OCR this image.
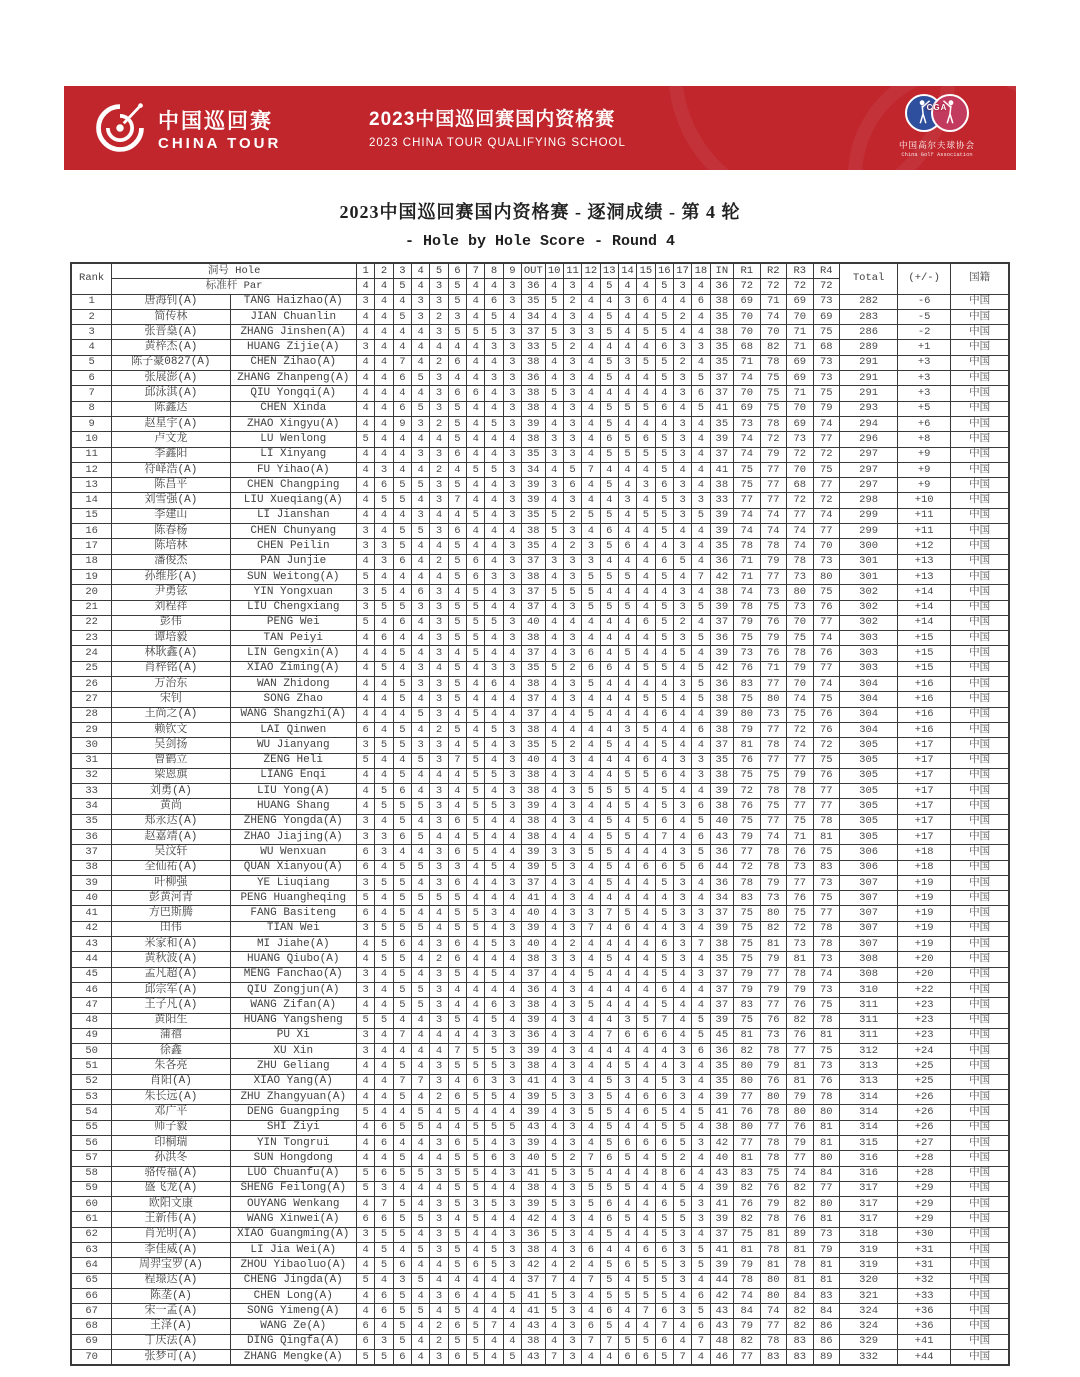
中国巡回赛
CHINA TOUR
2023中国巡回赛国内资格赛
2023 CHINA TOUR QUALIFYING SCHOOL
CGA
中国高尔夫球协会
China Golf Association
2023中国巡回赛国内资格赛 - 逐洞成绩 - 第 4 轮
- Hole by Hole Score - Round 4
Rank	洞号 Hole		1	2	3	4	5	6	7	8	9	OUT	10	11	12	13	14	15	16	17	18	IN	R1	R2	R3	R4	Total	(+/-)	国籍
	标准杆 Par		4	4	5	4	3	5	4	4	3	36	4	3	4	5	4	4	5	3	4	36	72	72	72	72			
1	唐海钊(A)	TANG Haizhao(A)	3	4	4	3	3	5	4	6	3	35	5	2	4	4	3	6	4	4	6	38	69	71	69	73	282	-6	中国
2	简传林	JIAN Chuanlin	4	4	5	3	2	3	4	5	4	34	4	3	4	5	4	4	5	2	4	35	70	74	70	69	283	-5	中国
3	张晋燊(A)	ZHANG Jinshen(A)	4	4	4	4	3	5	5	5	3	37	5	3	3	5	4	5	5	4	4	38	70	70	71	75	286	-2	中国
4	黄梓杰(A)	HUANG Zijie(A)	3	4	4	4	4	4	4	3	3	33	5	2	4	4	4	4	6	3	3	35	68	82	71	68	289	+1	中国
5	陈子豪0827(A)	CHEN Zihao(A)	4	4	7	4	2	6	4	4	3	38	4	3	4	5	3	5	5	2	4	35	71	78	69	73	291	+3	中国
6	张展澎(A)	ZHANG Zhanpeng(A)	4	4	6	5	3	4	4	3	3	36	4	3	4	5	4	4	5	3	5	37	74	75	69	73	291	+3	中国
7	邱泳淇(A)	QIU Yongqi(A)	4	4	4	4	3	6	6	4	3	38	5	3	4	4	4	4	4	3	6	37	70	75	71	75	291	+3	中国
8	陈鑫达	CHEN Xinda	4	4	6	5	3	5	4	4	3	38	4	3	4	5	5	5	6	4	5	41	69	75	70	79	293	+5	中国
9	赵星宇(A)	ZHAO Xingyu(A)	4	4	9	3	2	5	4	5	3	39	4	3	4	5	4	4	4	3	4	35	73	78	69	74	294	+6	中国
10	卢文龙	LU Wenlong	5	4	4	4	4	5	4	4	4	38	3	3	4	6	5	6	5	3	4	39	74	72	73	77	296	+8	中国
11	李鑫阳	LI Xinyang	4	4	4	3	3	6	4	4	3	35	3	3	4	5	5	5	5	3	4	37	74	79	72	72	297	+9	中国
12	符峄浩(A)	FU Yihao(A)	4	3	4	4	2	4	5	5	3	34	4	5	7	4	4	4	5	4	4	41	75	77	70	75	297	+9	中国
13	陈昌平	CHEN Changping	4	6	5	5	3	5	4	4	3	39	3	6	4	5	4	3	6	3	4	38	75	77	68	77	297	+9	中国
14	刘雪强(A)	LIU Xueqiang(A)	4	5	5	4	3	7	4	4	3	39	4	3	4	4	3	4	5	3	3	33	77	77	72	72	298	+10	中国
15	李建山	LI Jianshan	4	4	4	3	4	4	5	4	3	35	5	2	5	5	4	5	5	3	5	39	74	74	77	74	299	+11	中国
16	陈春杨	CHEN Chunyang	3	4	5	5	3	6	4	4	4	38	5	3	4	6	4	4	5	4	4	39	74	74	74	77	299	+11	中国
17	陈培林	CHEN Peilin	3	3	5	4	4	5	4	4	3	35	4	2	3	5	6	4	4	3	4	35	78	78	74	70	300	+12	中国
18	潘俊杰	PAN Junjie	4	3	6	4	2	5	6	4	3	37	3	3	3	4	4	4	6	5	4	36	71	79	78	73	301	+13	中国
19	孙维彤(A)	SUN Weitong(A)	5	4	4	4	4	5	6	3	3	38	4	3	5	5	5	4	5	4	7	42	71	77	73	80	301	+13	中国
20	尹勇铉	YIN Yongxuan	3	5	4	6	3	4	5	4	3	37	5	5	5	4	4	4	4	3	4	38	74	73	80	75	302	+14	中国
21	刘程祥	LIU Chengxiang	3	5	5	3	3	5	5	4	4	37	4	3	5	5	5	4	5	3	5	39	78	75	73	76	302	+14	中国
22	彭伟	PENG Wei	5	4	6	4	3	5	5	5	3	40	4	4	4	4	4	6	5	2	4	37	79	76	70	77	302	+14	中国
23	谭培毅	TAN Peiyi	4	6	4	4	3	5	5	4	3	38	4	3	4	4	4	4	5	3	5	36	75	79	75	74	303	+15	中国
24	林耿鑫(A)	LIN Gengxin(A)	4	4	5	4	3	4	5	4	4	37	4	3	6	4	5	4	4	5	4	39	73	76	78	76	303	+15	中国
25	肖梓铭(A)	XIAO Ziming(A)	4	5	4	3	4	5	4	3	3	35	5	2	6	6	4	5	5	4	5	42	76	71	79	77	303	+15	中国
26	万治东	WAN Zhidong	4	4	5	3	3	5	4	6	4	38	4	3	5	4	4	4	4	3	5	36	83	77	70	74	304	+16	中国
27	宋钊	SONG Zhao	4	4	5	4	3	5	4	4	4	37	4	3	4	4	4	5	5	4	5	38	75	80	74	75	304	+16	中国
28	王尚之(A)	WANG Shangzhi(A)	4	4	4	5	3	4	5	4	4	37	4	4	5	4	4	4	6	4	4	39	80	73	75	76	304	+16	中国
29	赖钦文	LAI Qinwen	6	4	5	4	2	5	4	5	3	38	4	4	4	4	3	5	4	4	6	38	79	77	72	76	304	+16	中国
30	吴剑扬	WU Jianyang	3	5	5	3	3	4	5	4	3	35	5	2	4	5	4	4	5	4	4	37	81	78	74	72	305	+17	中国
31	曾鹤立	ZENG Heli	5	4	4	5	3	7	5	4	3	40	4	3	4	4	4	6	4	3	3	35	76	77	77	75	305	+17	中国
32	梁恩旗	LIANG Enqi	4	4	5	4	4	4	5	5	3	38	4	3	4	4	5	5	6	4	3	38	75	75	79	76	305	+17	中国
33	刘勇(A)	LIU Yong(A)	4	5	6	4	3	4	5	4	3	38	4	3	5	5	5	4	5	4	4	39	72	78	78	77	305	+17	中国
34	黄尚	HUANG Shang	4	5	5	5	3	4	5	5	3	39	4	3	4	4	5	4	5	3	6	38	76	75	77	77	305	+17	中国
35	郑永达(A)	ZHENG Yongda(A)	3	4	5	4	3	6	5	4	4	38	4	3	4	5	4	5	6	4	5	40	75	77	75	78	305	+17	中国
36	赵嘉靖(A)	ZHAO Jiajing(A)	3	3	6	5	4	4	5	4	4	38	4	4	4	5	5	4	7	4	6	43	79	74	71	81	305	+17	中国
37	吴汶轩	WU Wenxuan	6	3	4	4	3	6	5	4	4	39	3	3	5	5	4	4	4	3	5	36	77	78	76	75	306	+18	中国
38	全仙祐(A)	QUAN Xianyou(A)	6	4	5	5	3	3	4	5	4	39	5	3	4	5	4	6	6	5	6	44	72	78	73	83	306	+18	中国
39	叶柳强	YE Liuqiang	3	5	5	4	3	6	4	4	3	37	4	3	4	5	4	4	5	3	4	36	78	79	77	73	307	+19	中国
40	彭黄河青	PENG Huangheqing	5	4	5	5	5	5	4	4	4	41	4	3	4	4	4	4	4	3	4	34	83	73	76	75	307	+19	中国
41	方巴斯腾	FANG Basiteng	6	4	5	4	4	5	5	3	4	40	4	3	3	7	5	4	5	3	3	37	75	80	75	77	307	+19	中国
42	田伟	TIAN Wei	3	5	5	5	4	5	5	4	3	39	4	3	7	4	6	4	4	3	4	39	75	82	72	78	307	+19	中国
43	米家和(A)	MI Jiahe(A)	4	5	6	4	3	6	4	5	3	40	4	2	4	4	4	4	6	3	7	38	75	81	73	78	307	+19	中国
44	黄秋波(A)	HUANG Qiubo(A)	4	5	5	4	2	6	4	4	4	38	3	3	4	5	4	4	5	3	4	35	75	79	81	73	308	+20	中国
45	孟凡超(A)	MENG Fanchao(A)	3	4	5	4	3	5	4	5	4	37	4	4	5	4	4	4	5	4	3	37	79	77	78	74	308	+20	中国
46	邱宗军(A)	QIU Zongjun(A)	3	4	5	5	3	4	4	4	4	36	4	3	4	4	4	4	6	4	4	37	79	79	79	73	310	+22	中国
47	王子凡(A)	WANG Zifan(A)	4	4	5	5	3	4	4	6	3	38	4	3	5	4	4	4	5	4	4	37	83	77	76	75	311	+23	中国
48	黄阳生	HUANG Yangsheng	5	5	4	4	3	5	4	5	4	39	4	3	4	4	3	5	7	4	5	39	75	76	82	78	311	+23	中国
49	蒲禧	PU Xi	3	4	7	4	4	4	4	3	3	36	4	3	4	7	6	6	6	4	5	45	81	73	76	81	311	+23	中国
50	徐鑫	XU Xin	3	4	4	4	4	7	5	5	3	39	4	3	4	4	4	4	4	3	6	36	82	78	77	75	312	+24	中国
51	朱各亮	ZHU Geliang	4	4	5	4	3	5	5	5	3	38	4	3	4	4	5	4	4	3	4	35	80	79	81	73	313	+25	中国
52	肖阳(A)	XIAO Yang(A)	4	4	7	7	3	4	6	3	3	41	4	3	4	5	3	4	5	3	4	35	80	76	81	76	313	+25	中国
53	朱长远(A)	ZHU Zhangyuan(A)	4	4	5	4	2	6	5	5	4	39	5	3	3	5	4	6	6	3	4	39	77	80	79	78	314	+26	中国
54	邓广平	DENG Guangping	5	4	4	5	4	5	4	4	4	39	4	3	5	5	4	6	5	4	5	41	76	78	80	80	314	+26	中国
55	师子毅	SHI Ziyi	4	6	5	5	4	4	5	5	5	43	4	3	4	5	4	4	5	5	4	38	80	77	76	81	314	+26	中国
56	印桐瑞	YIN Tongrui	4	6	4	4	3	6	5	4	3	39	4	3	4	5	6	6	6	5	3	42	77	78	79	81	315	+27	中国
57	孙洪冬	SUN Hongdong	4	4	5	4	4	5	5	6	3	40	5	2	7	6	5	4	5	2	4	40	81	78	77	80	316	+28	中国
58	骆传福(A)	LUO Chuanfu(A)	5	6	5	5	3	5	5	4	3	41	5	3	5	4	4	4	8	6	4	43	83	75	74	84	316	+28	中国
59	盛飞龙(A)	SHENG Feilong(A)	5	3	4	4	4	5	5	4	4	38	4	3	5	5	5	4	4	5	4	39	82	76	82	77	317	+29	中国
60	欧阳文康	OUYANG Wenkang	4	7	5	4	3	5	3	5	3	39	5	3	5	6	4	4	6	5	3	41	76	79	82	80	317	+29	中国
61	王新伟(A)	WANG Xinwei(A)	6	6	5	5	3	4	5	4	4	42	4	3	4	6	5	4	5	5	3	39	82	78	76	81	317	+29	中国
62	肖光明(A)	XIAO Guangming(A)	3	5	5	4	3	5	4	4	3	36	5	3	4	5	4	4	5	3	4	37	75	81	89	73	318	+30	中国
63	李佳威(A)	LI Jia Wei(A)	4	5	4	5	3	5	4	5	3	38	4	3	6	4	4	6	6	3	5	41	81	78	81	79	319	+31	中国
64	周羿宝罗(A)	ZHOU Yibaoluo(A)	4	5	6	4	4	5	6	5	3	42	4	2	4	5	6	5	5	3	5	39	79	81	78	81	319	+31	中国
65	程璟达(A)	CHENG Jingda(A)	5	4	3	5	4	4	4	4	4	37	7	4	7	5	4	5	5	3	4	44	78	80	81	81	320	+32	中国
66	陈垄(A)	CHEN Long(A)	4	6	5	4	3	6	4	4	5	41	5	3	4	5	5	5	5	4	6	42	74	80	84	83	321	+33	中国
67	宋一孟(A)	SONG Yimeng(A)	4	6	5	5	4	5	4	4	4	41	5	3	4	6	4	7	6	3	5	43	84	74	82	84	324	+36	中国
68	王泽(A)	WANG Ze(A)	6	4	5	4	2	6	5	7	4	43	4	3	6	5	4	4	7	4	6	43	79	77	82	86	324	+36	中国
69	丁庆法(A)	DING Qingfa(A)	6	3	5	4	2	5	5	4	4	38	4	3	7	7	5	5	6	4	7	48	82	78	83	86	329	+41	中国
70	张梦可(A)	ZHANG Mengke(A)	5	5	6	4	3	6	5	4	5	43	7	3	4	4	6	6	5	7	4	46	77	83	83	89	332	+44	中国
